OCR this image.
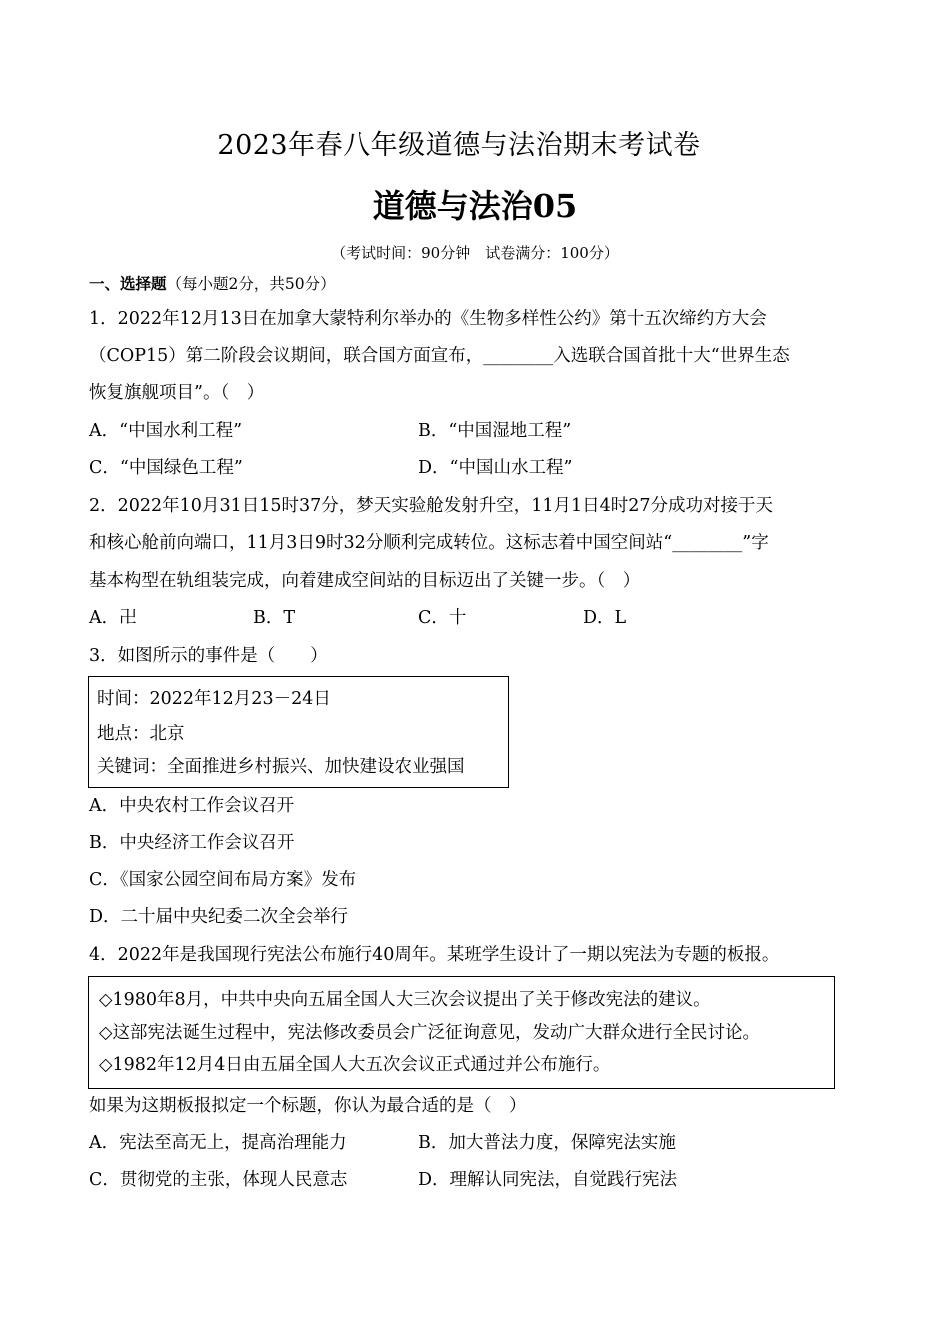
2023年春八年级道德与法治期末考试卷
道德与法治05
（考试时间：90分钟　试卷满分：100分）
一、选择题（每小题2分，共50分）
1．2022年12月13日在加拿大蒙特利尔举办的《生物多样性公约》第十五次缔约方大会
（COP15）第二阶段会议期间，联合国方面宣布，________入选联合国首批十大“世界生态
恢复旗舰项目”。（　）
A．“中国水利工程”	B．“中国湿地工程”
C．“中国绿色工程”	D．“中国山水工程”
2．2022年10月31日15时37分，梦天实验舱发射升空，11月1日4时27分成功对接于天
和核心舱前向端口，11月3日9时32分顺利完成转位。这标志着中国空间站“________”字
基本构型在轨组装完成，向着建成空间站的目标迈出了关键一步。（　）
A．卍	B．T	C．十	D．L
3．如图所示的事件是（　　）
时间：2022年12月23－24日
地点：北京
关键词：全面推进乡村振兴、加快建设农业强国
A．中央农村工作会议召开
B．中央经济工作会议召开
C．《国家公园空间布局方案》发布
D．二十届中央纪委二次全会举行
4．2022年是我国现行宪法公布施行40周年。某班学生设计了一期以宪法为专题的板报。
◇1980年8月，中共中央向五届全国人大三次会议提出了关于修改宪法的建议。
◇这部宪法诞生过程中，宪法修改委员会广泛征询意见，发动广大群众进行全民讨论。
◇1982年12月4日由五届全国人大五次会议正式通过并公布施行。
如果为这期板报拟定一个标题，你认为最合适的是（　）
A．宪法至高无上，提高治理能力	B．加大普法力度，保障宪法实施
C．贯彻党的主张，体现人民意志	D．理解认同宪法，自觉践行宪法
